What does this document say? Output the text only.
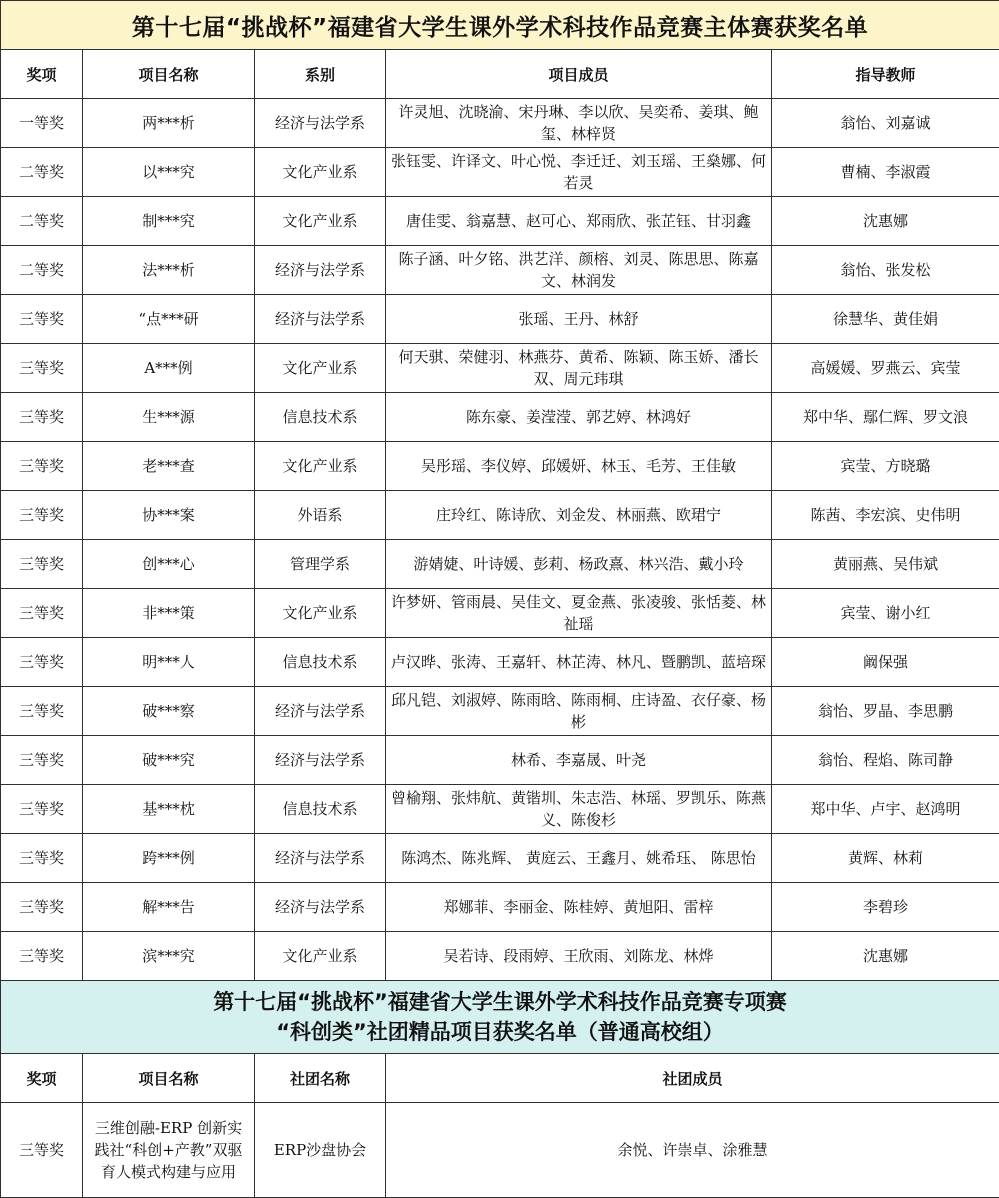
第十七届“挑战杯”福建省大学生课外学术科技作品竞赛主体赛获奖名单				
奖项	项目名称	系别	项目成员	指导教师
一等奖	两***析	经济与法学系	许灵旭、沈晓渝、宋丹琳、李以欣、吴奕希、姜琪、鲍玺、林梓贤	翁怡、刘嘉诚
二等奖	以***究	文化产业系	张钰雯、许译文、叶心悦、李迁迁、刘玉瑶、王燊娜、何若灵	曹楠、李淑霞
二等奖	制***究	文化产业系	唐佳雯、翁嘉慧、赵可心、郑雨欣、张芷钰、甘羽鑫	沈惠娜
二等奖	法***析	经济与法学系	陈子涵、叶夕铭、洪艺洋、颜榕、刘灵、陈思思、陈嘉文、林润发	翁怡、张发松
三等奖	“点***研	经济与法学系	张瑶、王丹、林舒	徐慧华、黄佳娟
三等奖	A***例	文化产业系	何天骐、荣健羽、林燕芬、黄希、陈颖、陈玉娇、潘长双、周元玮琪	高媛媛、罗燕云、宾莹
三等奖	生***源	信息技术系	陈东豪、姜滢滢、郭艺婷、林鸿好	郑中华、鄢仁辉、罗文浪
三等奖	老***查	文化产业系	吴彤瑶、李仪婷、邱媛妍、林玉、毛芳、王佳敏	宾莹、方晓璐
三等奖	协***案	外语系	庄玲红、陈诗欣、刘金发、林丽燕、欧珺宁	陈茜、李宏滨、史伟明
三等奖	创***心	管理学系	游婧婕、叶诗媛、彭莉、杨政熹、林兴浩、戴小玲	黄丽燕、吴伟斌
三等奖	非***策	文化产业系	许梦妍、管雨晨、吴佳文、夏金燕、张凌骏、张恬菱、林祉瑶	宾莹、谢小红
三等奖	明***人	信息技术系	卢汉晔、张涛、王嘉轩、林芷涛、林凡、暨鹏凯、蓝培琛	阚保强
三等奖	破***察	经济与法学系	邱凡铠、刘淑婷、陈雨晗、陈雨桐、庄诗盈、衣仔豪、杨彬	翁怡、罗晶、李思鹏
三等奖	破***究	经济与法学系	林希、李嘉晟、叶尧	翁怡、程焰、陈司静
三等奖	基***枕	信息技术系	曾榆翔、张炜航、黄锴圳、朱志浩、林瑶、罗凯乐、陈燕义、陈俊杉	郑中华、卢宇、赵鸿明
三等奖	跨***例	经济与法学系	陈鸿杰、陈兆辉、 黄庭云、王鑫月、姚希珏、 陈思怡	黄辉、林莉
三等奖	解***告	经济与法学系	郑娜菲、李丽金、陈桂婷、黄旭阳、雷梓	李碧珍
三等奖	滨***究	文化产业系	吴若诗、段雨婷、王欣雨、刘陈龙、林烨	沈惠娜

第十七届“挑战杯”福建省大学生课外学术科技作品竞赛专项赛
“科创类”社团精品项目获奖名单（普通高校组）				

奖项	项目名称	社团名称	社团成员	
三等奖	三维创融-ERP 创新实践社“科创+产教”双驱育人模式构建与应用	ERP沙盘协会	余悦、许崇卓、涂雅慧	
